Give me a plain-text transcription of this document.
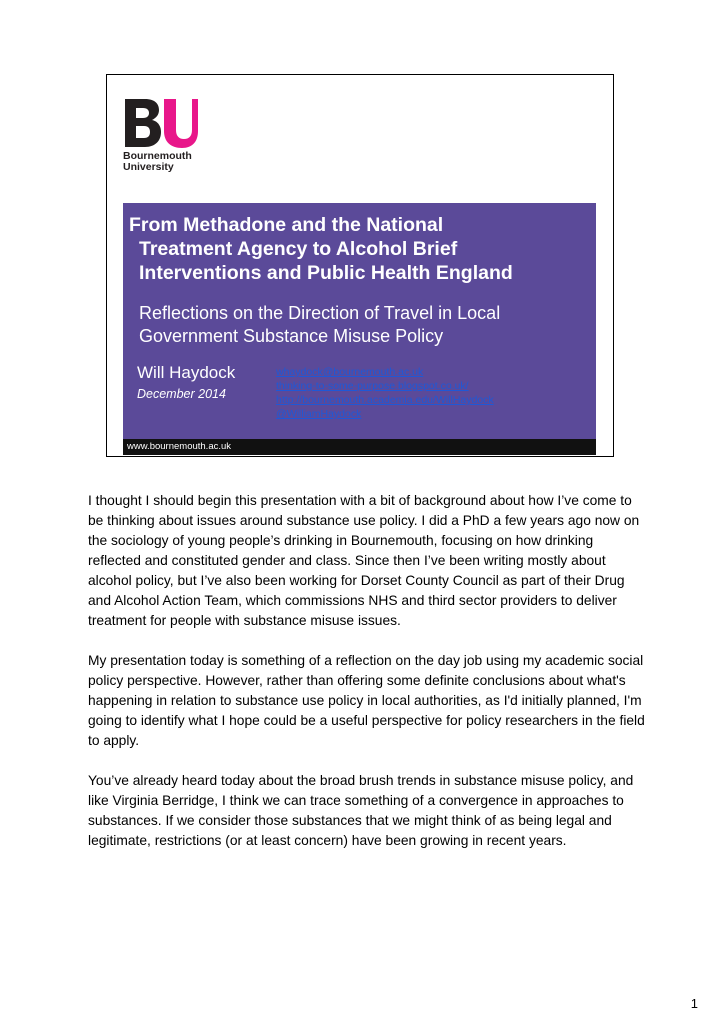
Bournemouth
University
From Methadone and the National
Treatment Agency to Alcohol Brief
Interventions and Public Health England
Reflections on the Direction of Travel in Local
Government Substance Misuse Policy
Will Haydock
December 2014
whaydock@bournemouth.ac.uk
thinking-to-some-purpose.blogspot.co.uk/
http://bournemouth.academia.edu/WillHaydock
@WilliamHaydock
www.bournemouth.ac.uk

I thought I should begin this presentation with a bit of background about how I’ve come to be thinking about issues around substance use policy. I did a PhD a few years ago now on the sociology of young people’s drinking in Bournemouth, focusing on how drinking reflected and constituted gender and class. Since then I’ve been writing mostly about alcohol policy, but I’ve also been working for Dorset County Council as part of their Drug and Alcohol Action Team, which commissions NHS and third sector providers to deliver treatment for people with substance misuse issues.

My presentation today is something of a reflection on the day job using my academic social policy perspective. However, rather than offering some definite conclusions about what's happening in relation to substance use policy in local authorities, as I'd initially planned, I'm going to identify what I hope could be a useful perspective for policy researchers in the field to apply.

You’ve already heard today about the broad brush trends in substance misuse policy, and like Virginia Berridge, I think we can trace something of a convergence in approaches to substances. If we consider those substances that we might think of as being legal and legitimate, restrictions (or at least concern) have been growing in recent years.

1
